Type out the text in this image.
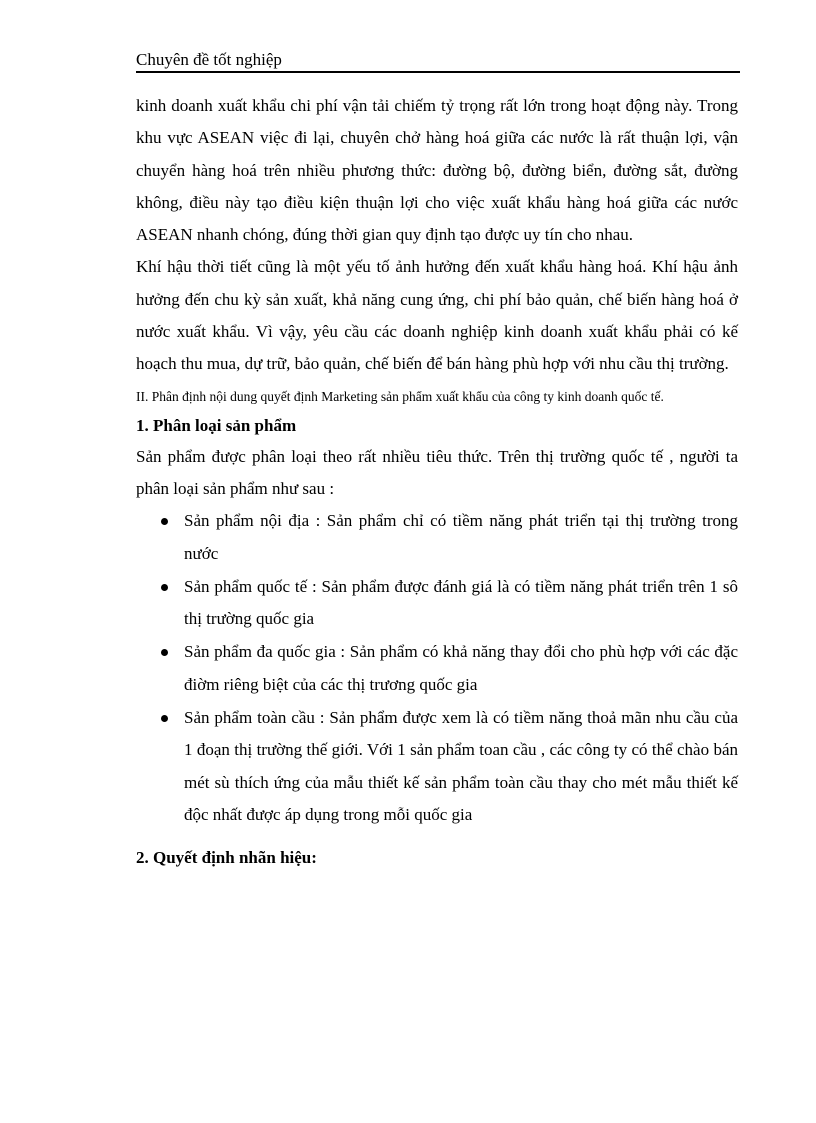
Chuyên đề tốt nghiệp

kinh doanh xuất khẩu chi phí vận tải chiếm tỷ trọng rất lớn trong hoạt động này. Trong khu vực ASEAN việc đi lại, chuyên chở hàng hoá giữa các nước là rất thuận lợi, vận chuyển hàng hoá trên nhiều phương thức: đường bộ, đường biển, đường sắt, đường không, điều này tạo điều kiện thuận lợi cho việc xuất khẩu hàng hoá giữa các nước ASEAN nhanh chóng, đúng thời gian quy định tạo được uy tín cho nhau.

Khí hậu thời tiết cũng là một yếu tố ảnh hưởng đến xuất khẩu hàng hoá. Khí hậu ảnh hưởng đến chu kỳ sản xuất, khả năng cung ứng, chi phí bảo quản, chế biến hàng hoá ở nước xuất khẩu. Vì vậy, yêu cầu các doanh nghiệp kinh doanh xuất khẩu phải có kế hoạch thu mua, dự trữ, bảo quản, chế biến để bán hàng phù hợp với nhu cầu thị trường.

II. Phân định nội dung quyết định Marketing sản phẩm xuất khẩu của công ty kinh doanh quốc tế.

1. Phân loại sản phẩm

Sản phẩm được phân loại theo rất nhiều tiêu thức. Trên thị trường quốc tế , người ta phân loại sản phẩm như sau :

Sản phẩm nội địa : Sản phẩm chỉ có tiềm năng phát triển tại thị trường trong nước

Sản phẩm quốc tế : Sản phẩm được đánh giá là có tiềm năng phát triển trên 1 sô thị trường quốc gia

Sản phẩm đa quốc gia : Sản phẩm có khả năng thay đổi cho phù hợp với các đặc điờm riêng biệt của các thị trương quốc gia

Sản phẩm toàn cầu : Sản phẩm được xem là có tiềm năng thoả mãn nhu cầu của 1 đoạn thị trường thế giới. Với 1 sản phẩm toan cầu , các công ty có thể chào bán mét sù thích ứng của mẫu thiết kế sản phẩm toàn cầu thay cho mét mẫu thiết kế độc nhất được áp dụng trong mỗi quốc gia

2. Quyết định nhãn hiệu:
